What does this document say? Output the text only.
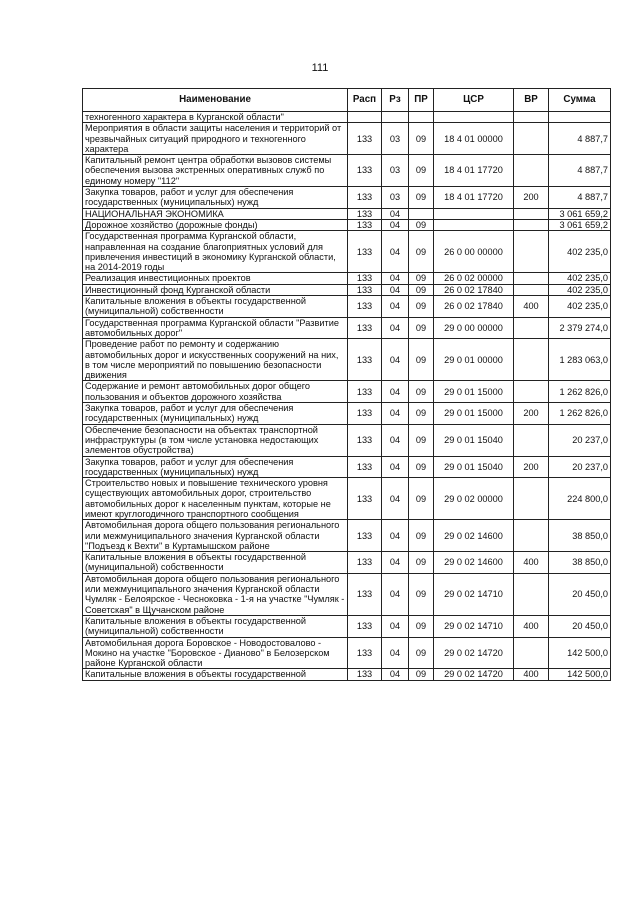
111
Наименование	Расп	Рз	ПР	ЦСР	ВР	Сумма
техногенного характера в Курганской области"						
Мероприятия в области защиты населения и территорий от чрезвычайных ситуаций природного и техногенного характера	133	03	09	18 4 01 00000		4 887,7
Капитальный ремонт центра обработки вызовов системы обеспечения вызова экстренных оперативных служб по единому номеру "112"	133	03	09	18 4 01 17720		4 887,7
Закупка товаров, работ и услуг для обеспечения государственных (муниципальных) нужд	133	03	09	18 4 01 17720	200	4 887,7
НАЦИОНАЛЬНАЯ ЭКОНОМИКА	133	04				3 061 659,2
Дорожное хозяйство (дорожные фонды)	133	04	09			3 061 659,2
Государственная программа Курганской области, направленная на создание благоприятных условий для привлечения инвестиций в экономику Курганской области, на 2014-2019 годы	133	04	09	26 0 00 00000		402 235,0
Реализация инвестиционных проектов	133	04	09	26 0 02 00000		402 235,0
Инвестиционный фонд Курганской области	133	04	09	26 0 02 17840		402 235,0
Капитальные вложения в объекты государственной (муниципальной) собственности	133	04	09	26 0 02 17840	400	402 235,0
Государственная программа Курганской области "Развитие автомобильных дорог"	133	04	09	29 0 00 00000		2 379 274,0
Проведение работ по ремонту и содержанию автомобильных дорог и искусственных сооружений на них, в том числе мероприятий по повышению безопасности движения	133	04	09	29 0 01 00000		1 283 063,0
Содержание и ремонт автомобильных дорог общего пользования и объектов дорожного хозяйства	133	04	09	29 0 01 15000		1 262 826,0
Закупка товаров, работ и услуг для обеспечения государственных (муниципальных) нужд	133	04	09	29 0 01 15000	200	1 262 826,0
Обеспечение безопасности на объектах транспортной инфраструктуры (в том числе установка недостающих элементов обустройства)	133	04	09	29 0 01 15040		20 237,0
Закупка товаров, работ и услуг для обеспечения государственных (муниципальных) нужд	133	04	09	29 0 01 15040	200	20 237,0
Строительство новых и повышение технического уровня существующих автомобильных дорог, строительство автомобильных дорог к населенным пунктам, которые не имеют круглогодичного транспортного сообщения	133	04	09	29 0 02 00000		224 800,0
Автомобильная дорога общего пользования регионального или межмуниципального значения Курганской области "Подъезд к Вехти" в Куртамышском районе	133	04	09	29 0 02 14600		38 850,0
Капитальные вложения в объекты государственной (муниципальной) собственности	133	04	09	29 0 02 14600	400	38 850,0
Автомобильная дорога общего пользования регионального или межмуниципального значения Курганской области Чумляк - Белоярское - Чесноковка - 1-я на участке "Чумляк - Советская" в Щучанском районе	133	04	09	29 0 02 14710		20 450,0
Капитальные вложения в объекты государственной (муниципальной) собственности	133	04	09	29 0 02 14710	400	20 450,0
Автомобильная дорога Боровское - Новодостовалово - Мокино на участке "Боровское - Дианово" в Белозерском районе Курганской области	133	04	09	29 0 02 14720		142 500,0
Капитальные вложения в объекты государственной	133	04	09	29 0 02 14720	400	142 500,0
